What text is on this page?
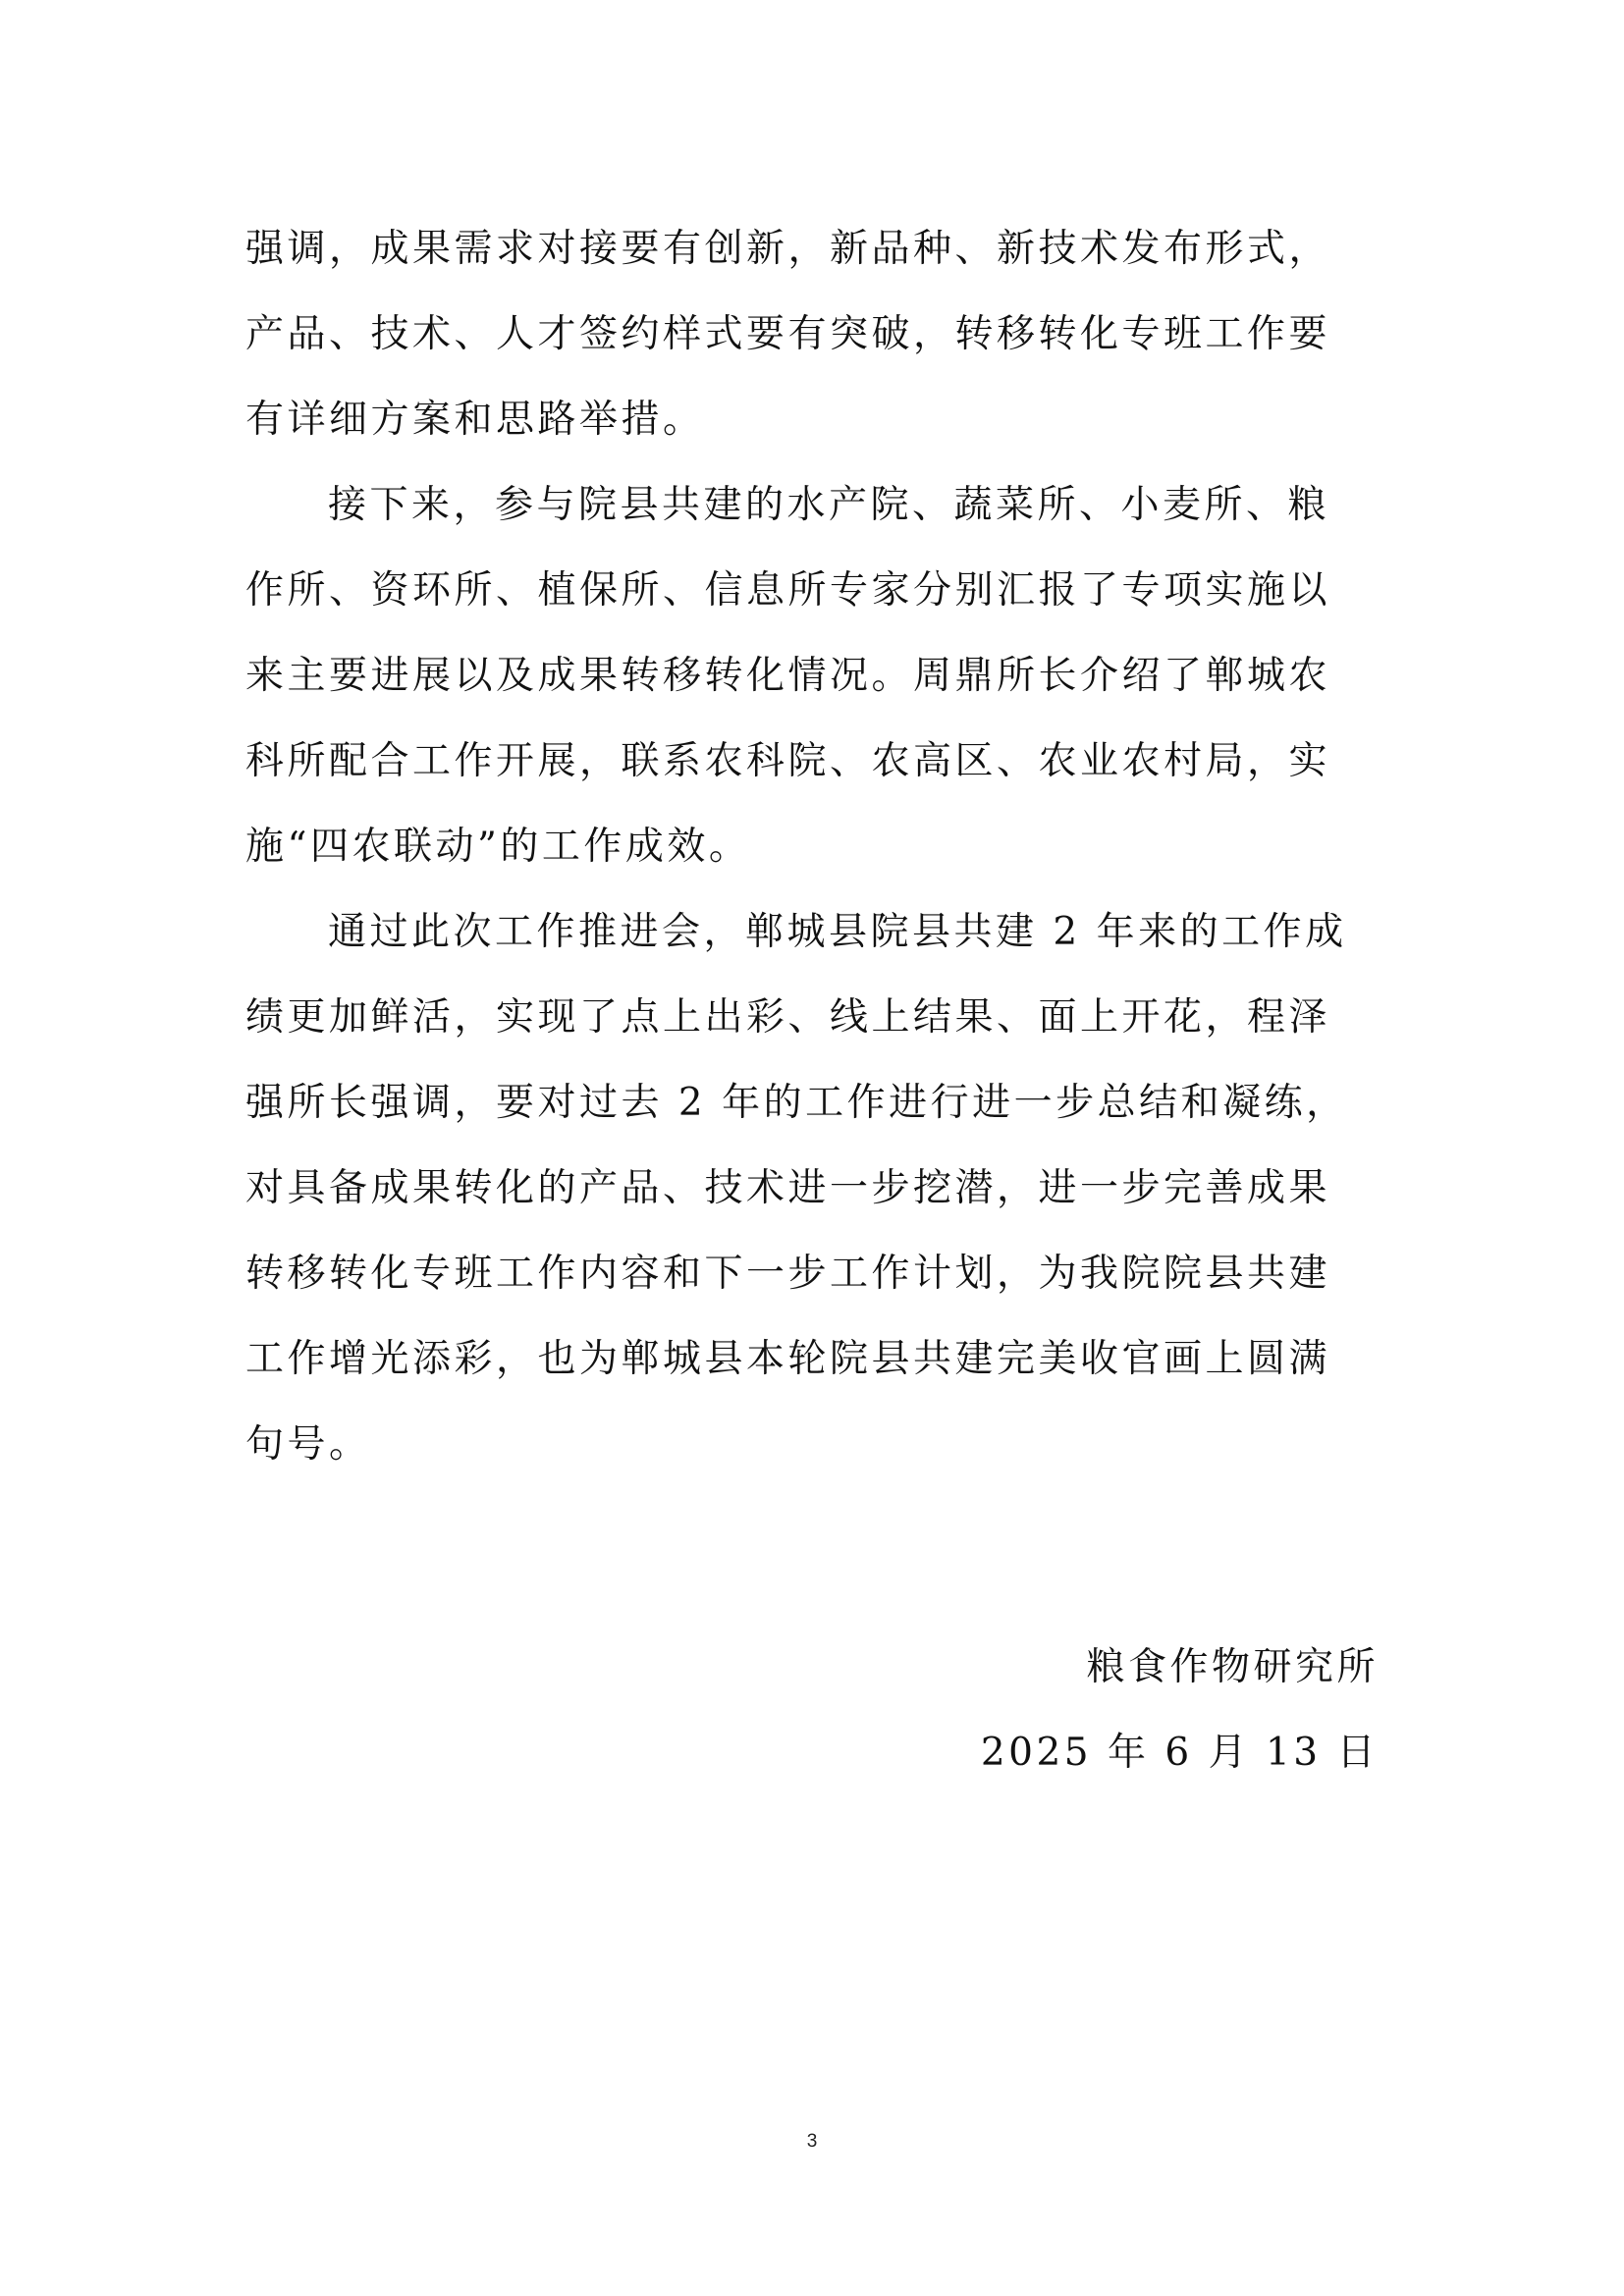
强调，成果需求对接要有创新，新品种、新技术发布形式，
产品、技术、人才签约样式要有突破，转移转化专班工作要
有详细方案和思路举措。

接下来，参与院县共建的水产院、蔬菜所、小麦所、粮
作所、资环所、植保所、信息所专家分别汇报了专项实施以
来主要进展以及成果转移转化情况。周鼎所长介绍了郸城农
科所配合工作开展，联系农科院、农高区、农业农村局，实
施“四农联动”的工作成效。

通过此次工作推进会，郸城县院县共建 2 年来的工作成
绩更加鲜活，实现了点上出彩、线上结果、面上开花，程泽
强所长强调，要对过去 2 年的工作进行进一步总结和凝练，
对具备成果转化的产品、技术进一步挖潜，进一步完善成果
转移转化专班工作内容和下一步工作计划，为我院院县共建
工作增光添彩，也为郸城县本轮院县共建完美收官画上圆满
句号。

粮食作物研究所
2025 年 6 月 13 日
3
